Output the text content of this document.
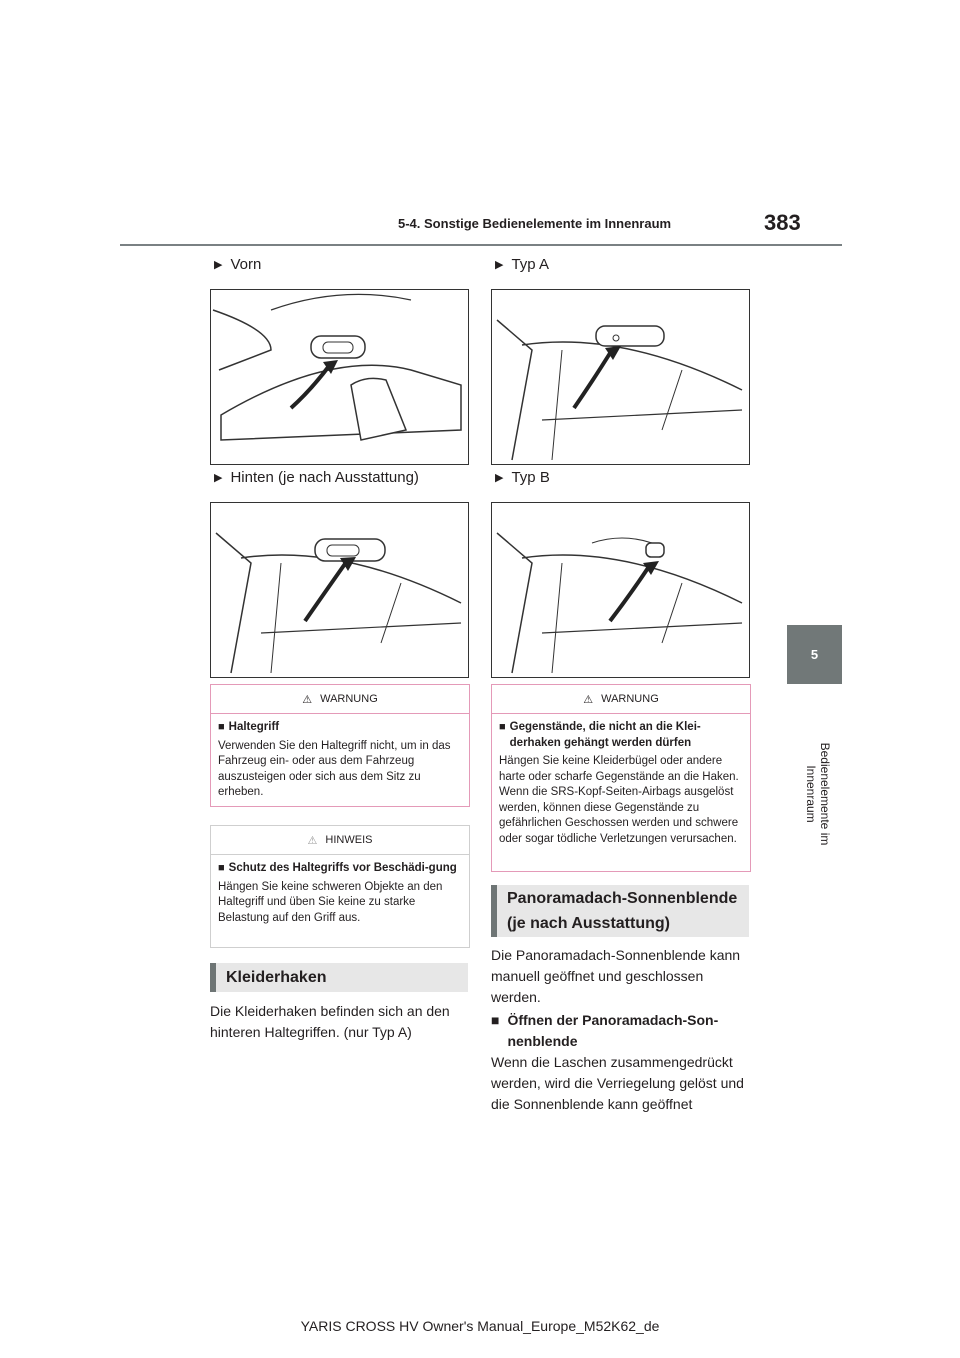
5-4. Sonstige Bedienelemente im Innenraum	383
5
Bedienelemente im Innenraum
▶ Vorn
▶ Hinten (je nach Ausstattung)
⚠ WARNUNG
■ Haltegriff

Verwenden Sie den Haltegriff nicht, um in das Fahrzeug ein- oder aus dem Fahrzeug auszusteigen oder sich aus dem Sitz zu erheben.

⚠ HINWEIS
■ Schutz des Haltegriffs vor Beschädi-gung

Hängen Sie keine schweren Objekte an den Haltegriff und üben Sie keine zu starke Belastung auf den Griff aus.

Kleiderhaken
Die Kleiderhaken befinden sich an den hinteren Haltegriffen. (nur Typ A)
▶ Typ A
▶ Typ B
⚠ WARNUNG
■ Gegenstände, die nicht an die Klei-derhaken gehängt werden dürfen

Hängen Sie keine Kleiderbügel oder andere harte oder scharfe Gegenstände an die Haken. Wenn die SRS-Kopf-Seiten-Airbags ausgelöst werden, können diese Gegenstände zu gefährlichen Geschossen werden und schwere oder sogar tödliche Verletzungen verursachen.

Panoramadach-Sonnenblende (je nach Ausstattung)
Die Panoramadach-Sonnenblende kann manuell geöffnet und geschlossen werden.
■ Öffnen der Panoramadach-Son-nenblende
Wenn die Laschen zusammengedrückt werden, wird die Verriegelung gelöst und die Sonnenblende kann geöffnet
YARIS CROSS HV Owner's Manual_Europe_M52K62_de
